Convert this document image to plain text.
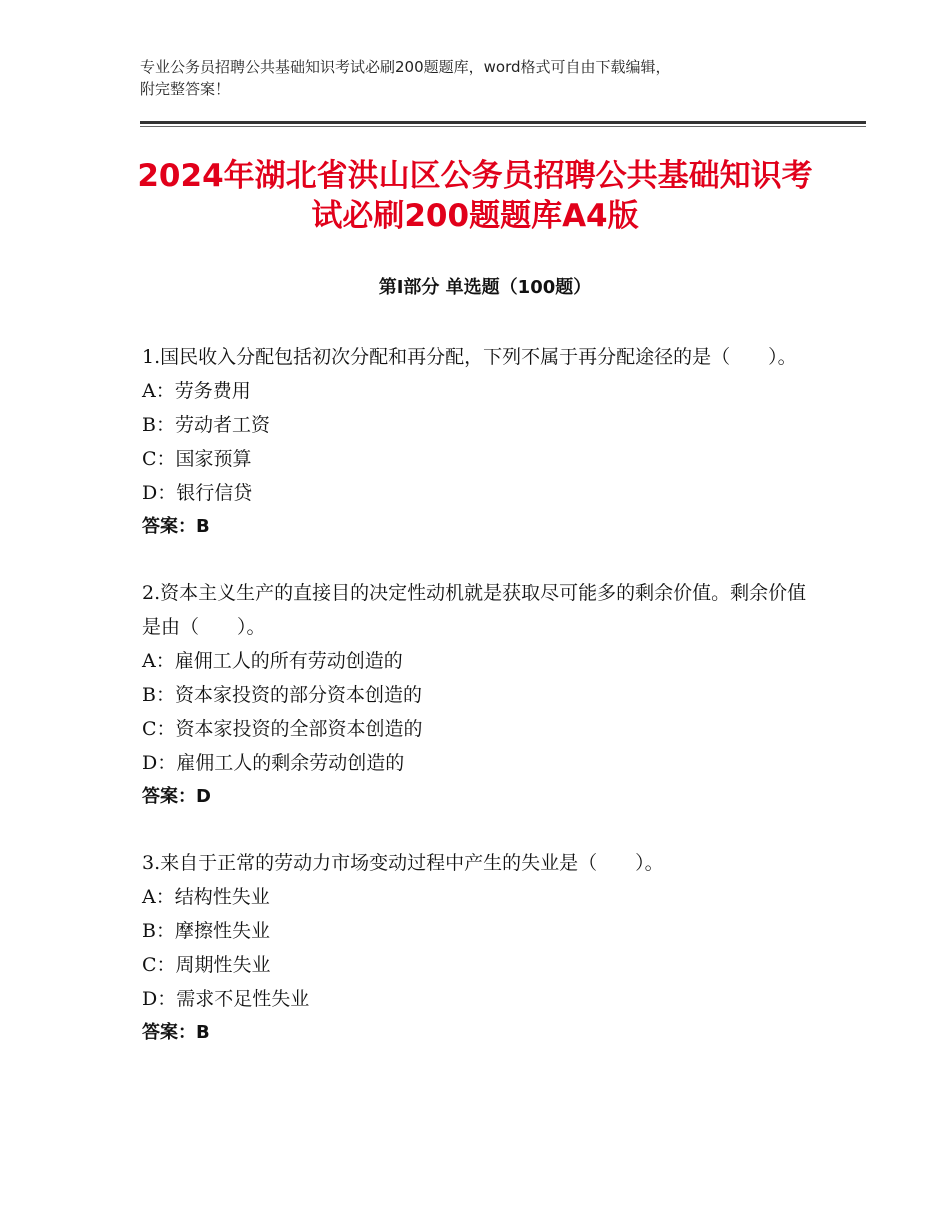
专业公务员招聘公共基础知识考试必刷200题题库，word格式可自由下载编辑，
附完整答案！
2024年湖北省洪山区公务员招聘公共基础知识考试必刷200题题库A4版
第Ⅰ部分 单选题（100题）

1.国民收入分配包括初次分配和再分配，下列不属于再分配途径的是（　　）。

A：劳务费用

B：劳动者工资

C：国家预算

D：银行信贷

答案：B

2.资本主义生产的直接目的决定性动机就是获取尽可能多的剩余价值。剩余价值是由（　　）。

A：雇佣工人的所有劳动创造的

B：资本家投资的部分资本创造的

C：资本家投资的全部资本创造的

D：雇佣工人的剩余劳动创造的

答案：D

3.来自于正常的劳动力市场变动过程中产生的失业是（　　）。

A：结构性失业

B：摩擦性失业

C：周期性失业

D：需求不足性失业

答案：B
